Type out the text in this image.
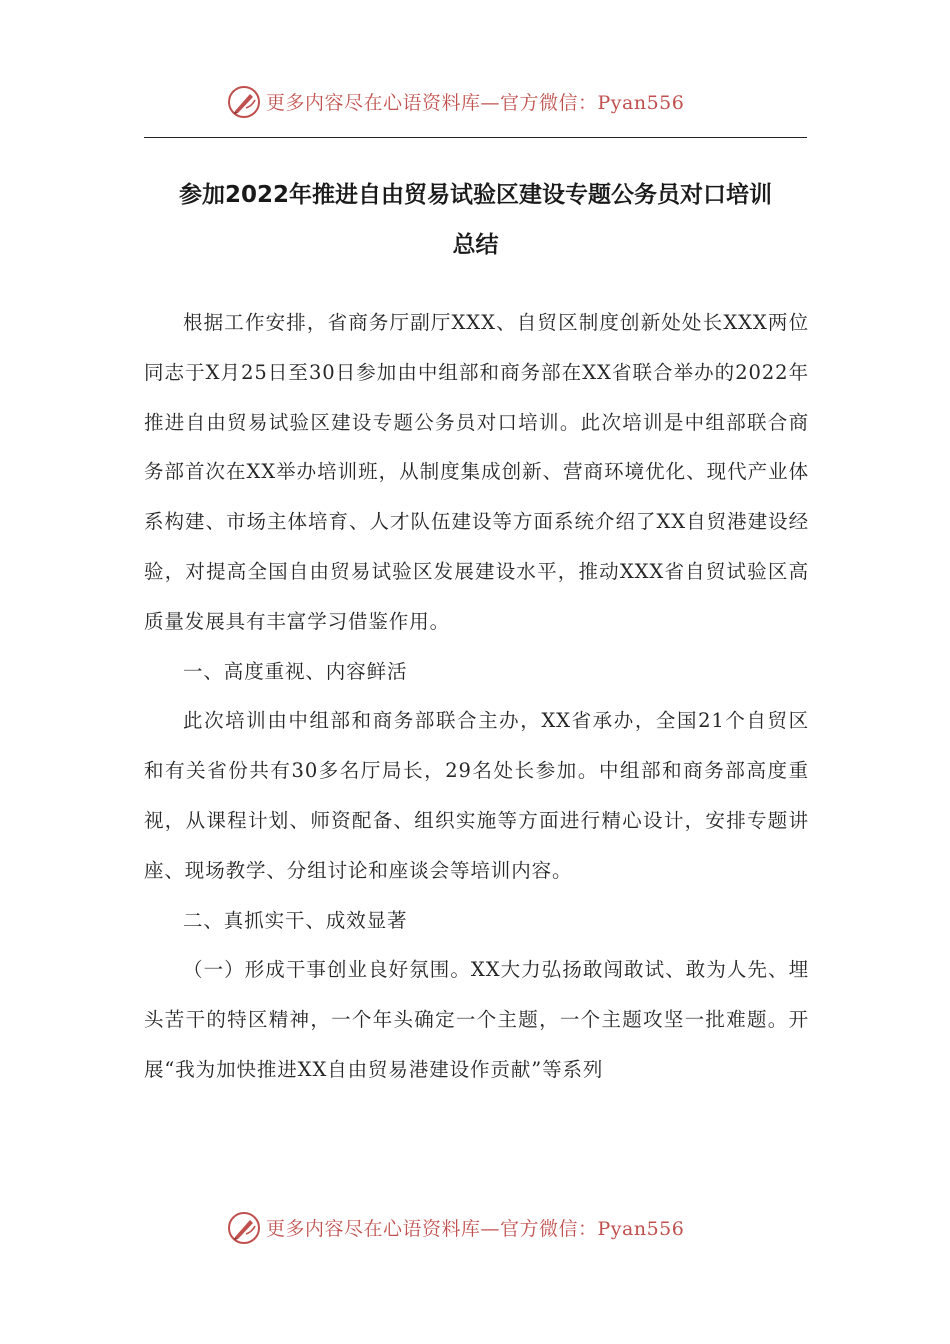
更多内容尽在心语资料库—官方微信：Pyan556
参加2022年推进自由贸易试验区建设专题公务员对口培训
总结

根据工作安排，省商务厅副厅XXX、自贸区制度创新处处长XXX两位同志于X月25日至30日参加由中组部和商务部在XX省联合举办的2022年推进自由贸易试验区建设专题公务员对口培训。此次培训是中组部联合商务部首次在XX举办培训班，从制度集成创新、营商环境优化、现代产业体系构建、市场主体培育、人才队伍建设等方面系统介绍了XX自贸港建设经验，对提高全国自由贸易试验区发展建设水平，推动XXX省自贸试验区高质量发展具有丰富学习借鉴作用。

一、高度重视、内容鲜活

此次培训由中组部和商务部联合主办，XX省承办，全国21个自贸区和有关省份共有30多名厅局长，29名处长参加。中组部和商务部高度重视，从课程计划、师资配备、组织实施等方面进行精心设计，安排专题讲座、现场教学、分组讨论和座谈会等培训内容。

二、真抓实干、成效显著

（一）形成干事创业良好氛围。XX大力弘扬敢闯敢试、敢为人先、埋头苦干的特区精神，一个年头确定一个主题，一个主题攻坚一批难题。开展“我为加快推进XX自由贸易港建设作贡献”等系列

更多内容尽在心语资料库—官方微信：Pyan556
